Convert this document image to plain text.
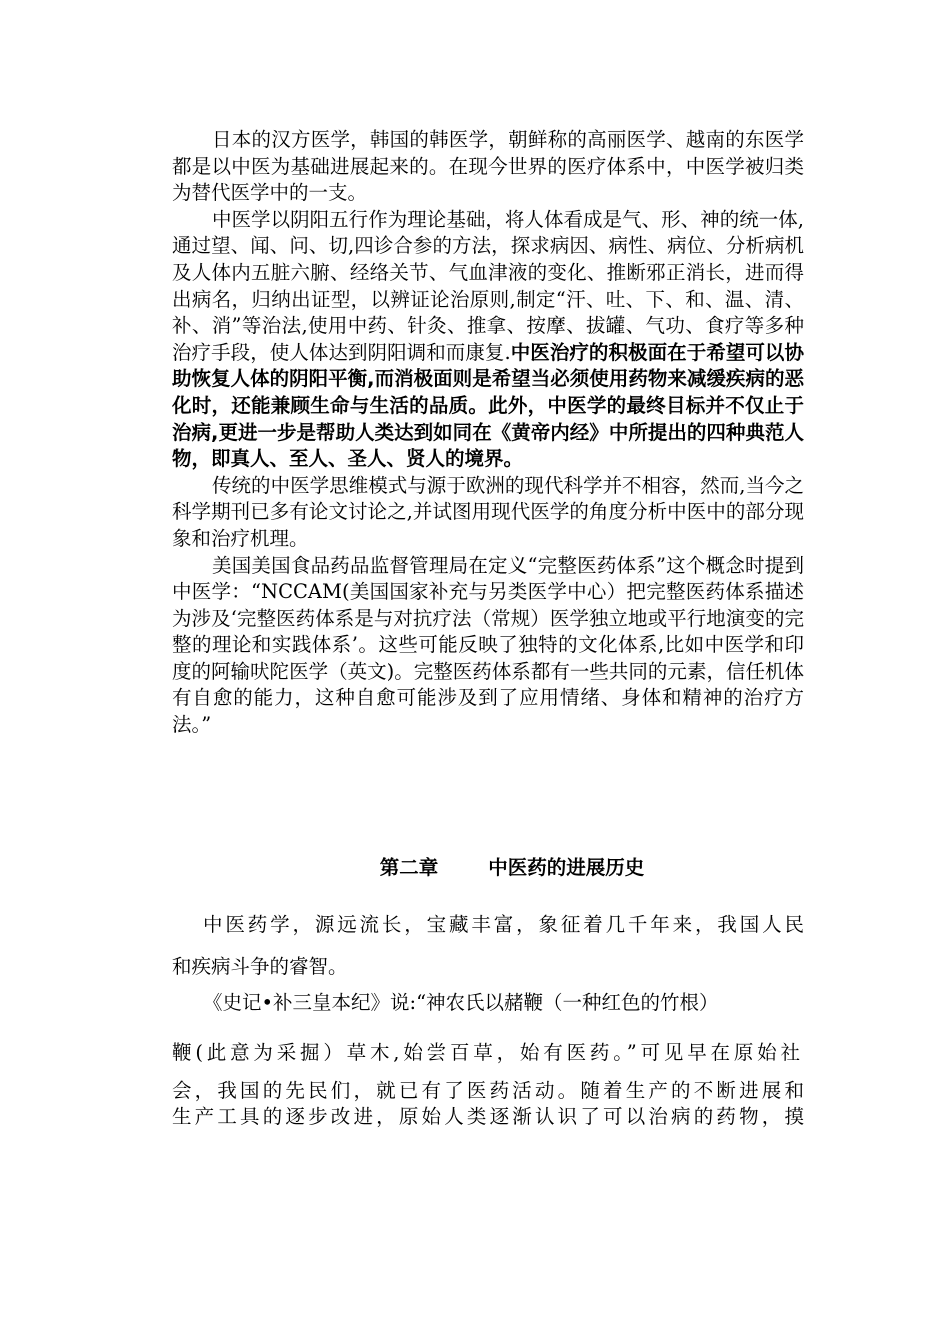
日本的汉方医学，韩国的韩医学，朝鲜称的高丽医学、越南的东医学都是以中医为基础进展起来的。在现今世界的医疗体系中，中医学被归类为替代医学中的一支。

中医学以阴阳五行作为理论基础，将人体看成是气、形、神的统一体,通过望、闻、问、切,四诊合参的方法，探求病因、病性、病位、分析病机及人体内五脏六腑、经络关节、气血津液的变化、推断邪正消长，进而得出病名，归纳出证型，以辨证论治原则,制定“汗、吐、下、和、温、清、补、消”等治法,使用中药、针灸、推拿、按摩、拔罐、气功、食疗等多种治疗手段，使人体达到阴阳调和而康复.中医治疗的积极面在于希望可以协助恢复人体的阴阳平衡,而消极面则是希望当必须使用药物来减缓疾病的恶化时，还能兼顾生命与生活的品质。此外，中医学的最终目标并不仅止于治病,更进一步是帮助人类达到如同在《黄帝内经》中所提出的四种典范人物，即真人、至人、圣人、贤人的境界。

传统的中医学思维模式与源于欧洲的现代科学并不相容，然而,当今之科学期刊已多有论文讨论之,并试图用现代医学的角度分析中医中的部分现象和治疗机理。

美国美国食品药品监督管理局在定义“完整医药体系”这个概念时提到中医学：“NCCAM(美国国家补充与另类医学中心）把完整医药体系描述为涉及‘完整医药体系是与对抗疗法（常规）医学独立地或平行地演变的完整的理论和实践体系’。这些可能反映了独特的文化体系,比如中医学和印度的阿输吠陀医学（英文)。完整医药体系都有一些共同的元素，信任机体有自愈的能力，这种自愈可能涉及到了应用情绪、身体和精神的治疗方法。”

第二章	中医药的进展历史
中医药学，源远流长，宝藏丰富，象征着几千年来，我国人民
和疾病斗争的睿智。
《史记•补三皇本纪》说:“神农氏以赭鞭（一种红色的竹根）
鞭(此意为采掘）草木,始尝百草，始有医药。”可见早在原始社
会，我国的先民们，就已有了医药活动。随着生产的不断进展和
生产工具的逐步改进，原始人类逐渐认识了可以治病的药物，摸
